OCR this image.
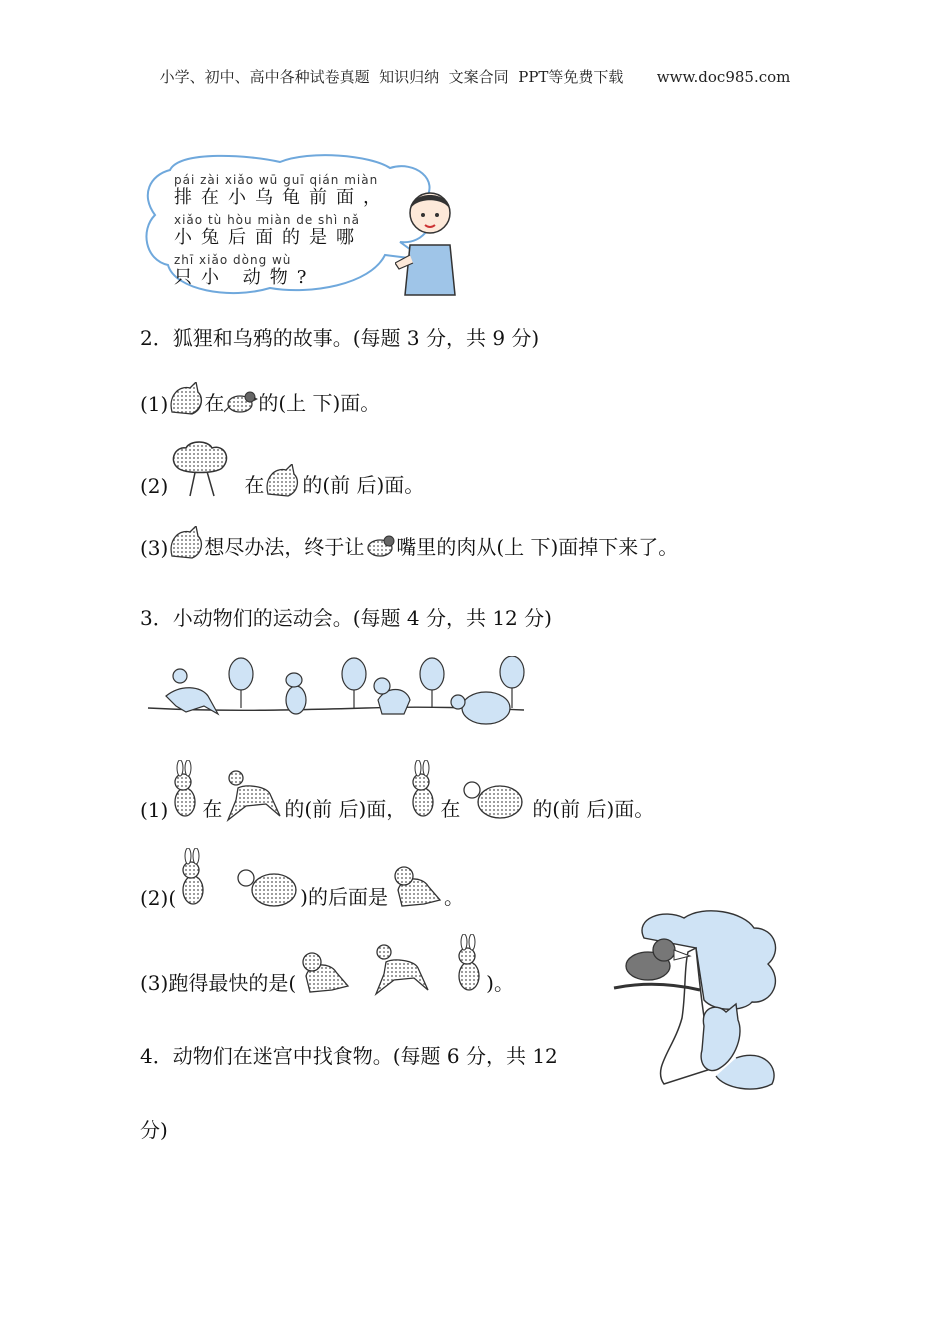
小学、初中、高中各种试卷真题  知识归纳  文案合同  PPT等免费下载       www.doc985.com
pái zài xiǎo wū guī qián miàn
排在小乌龟前面，
xiǎo tù hòu miàn de shì nǎ
小兔后面的是哪
zhī xiǎo dòng wù
只小 动物?
2．狐狸和乌鸦的故事。(每题 3 分，共 9 分)
(1) 在 的(上 下)面。
(2)	在 的(前 后)面。
(3) 想尽办法，终于让 嘴里的肉从(上 下)面掉下来了。
3．小动物们的运动会。(每题 4 分，共 12 分)
(1) 在	的(前 后)面， 在	的(前 后)面。
(2)(	)的后面是	。
(3)跑得最快的是(	)。
4．动物们在迷宫中找食物。(每题 6 分，共 12
分)
